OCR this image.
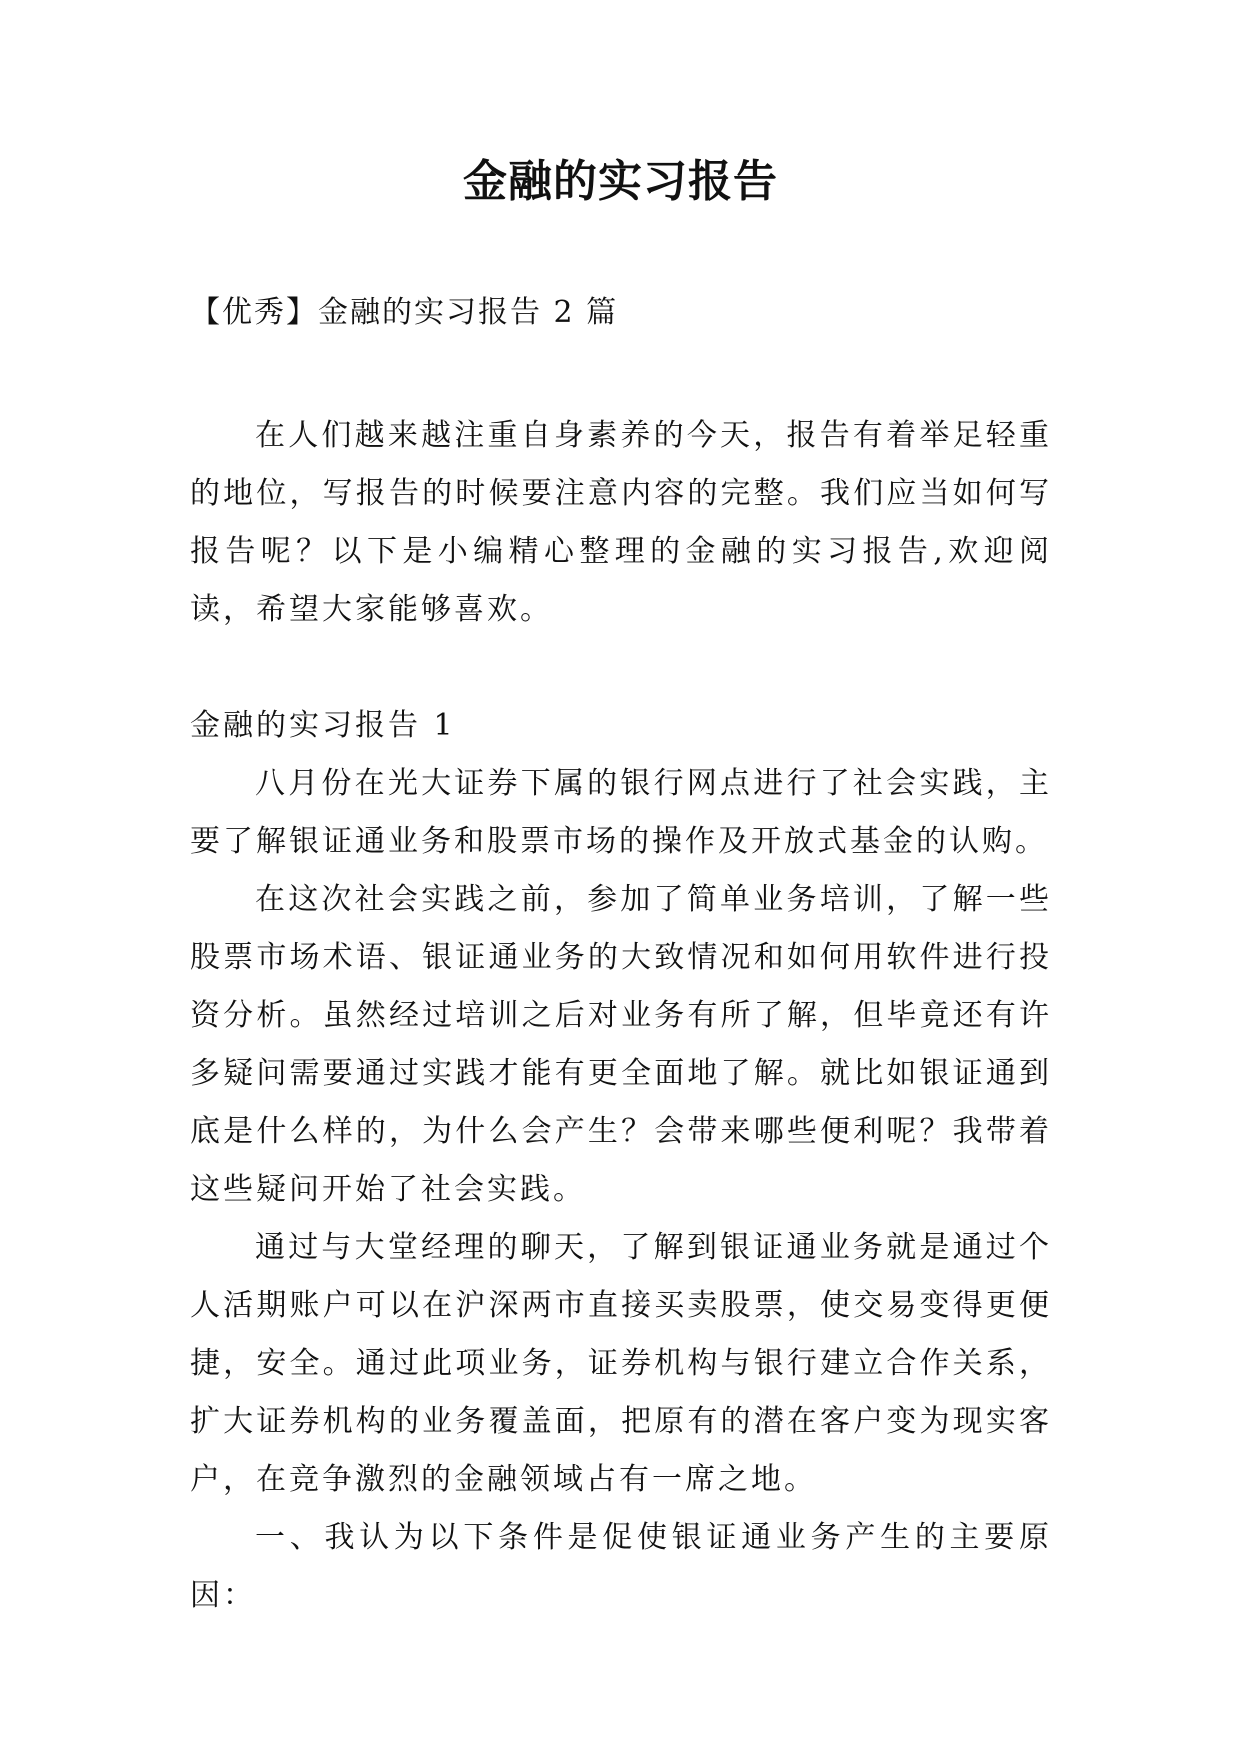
金融的实习报告

【优秀】金融的实习报告 2 篇

在人们越来越注重自身素养的今天，报告有着举足轻重的地位，写报告的时候要注意内容的完整。我们应当如何写报告呢？以下是小编精心整理的金融的实习报告,欢迎阅读，希望大家能够喜欢。

金融的实习报告 1

八月份在光大证券下属的银行网点进行了社会实践，主要了解银证通业务和股票市场的操作及开放式基金的认购。

在这次社会实践之前，参加了简单业务培训，了解一些股票市场术语、银证通业务的大致情况和如何用软件进行投资分析。虽然经过培训之后对业务有所了解，但毕竟还有许多疑问需要通过实践才能有更全面地了解。就比如银证通到底是什么样的，为什么会产生？会带来哪些便利呢？我带着这些疑问开始了社会实践。

通过与大堂经理的聊天，了解到银证通业务就是通过个人活期账户可以在沪深两市直接买卖股票，使交易变得更便捷，安全。通过此项业务，证券机构与银行建立合作关系，扩大证券机构的业务覆盖面，把原有的潜在客户变为现实客户，在竞争激烈的金融领域占有一席之地。

一、我认为以下条件是促使银证通业务产生的主要原因：
